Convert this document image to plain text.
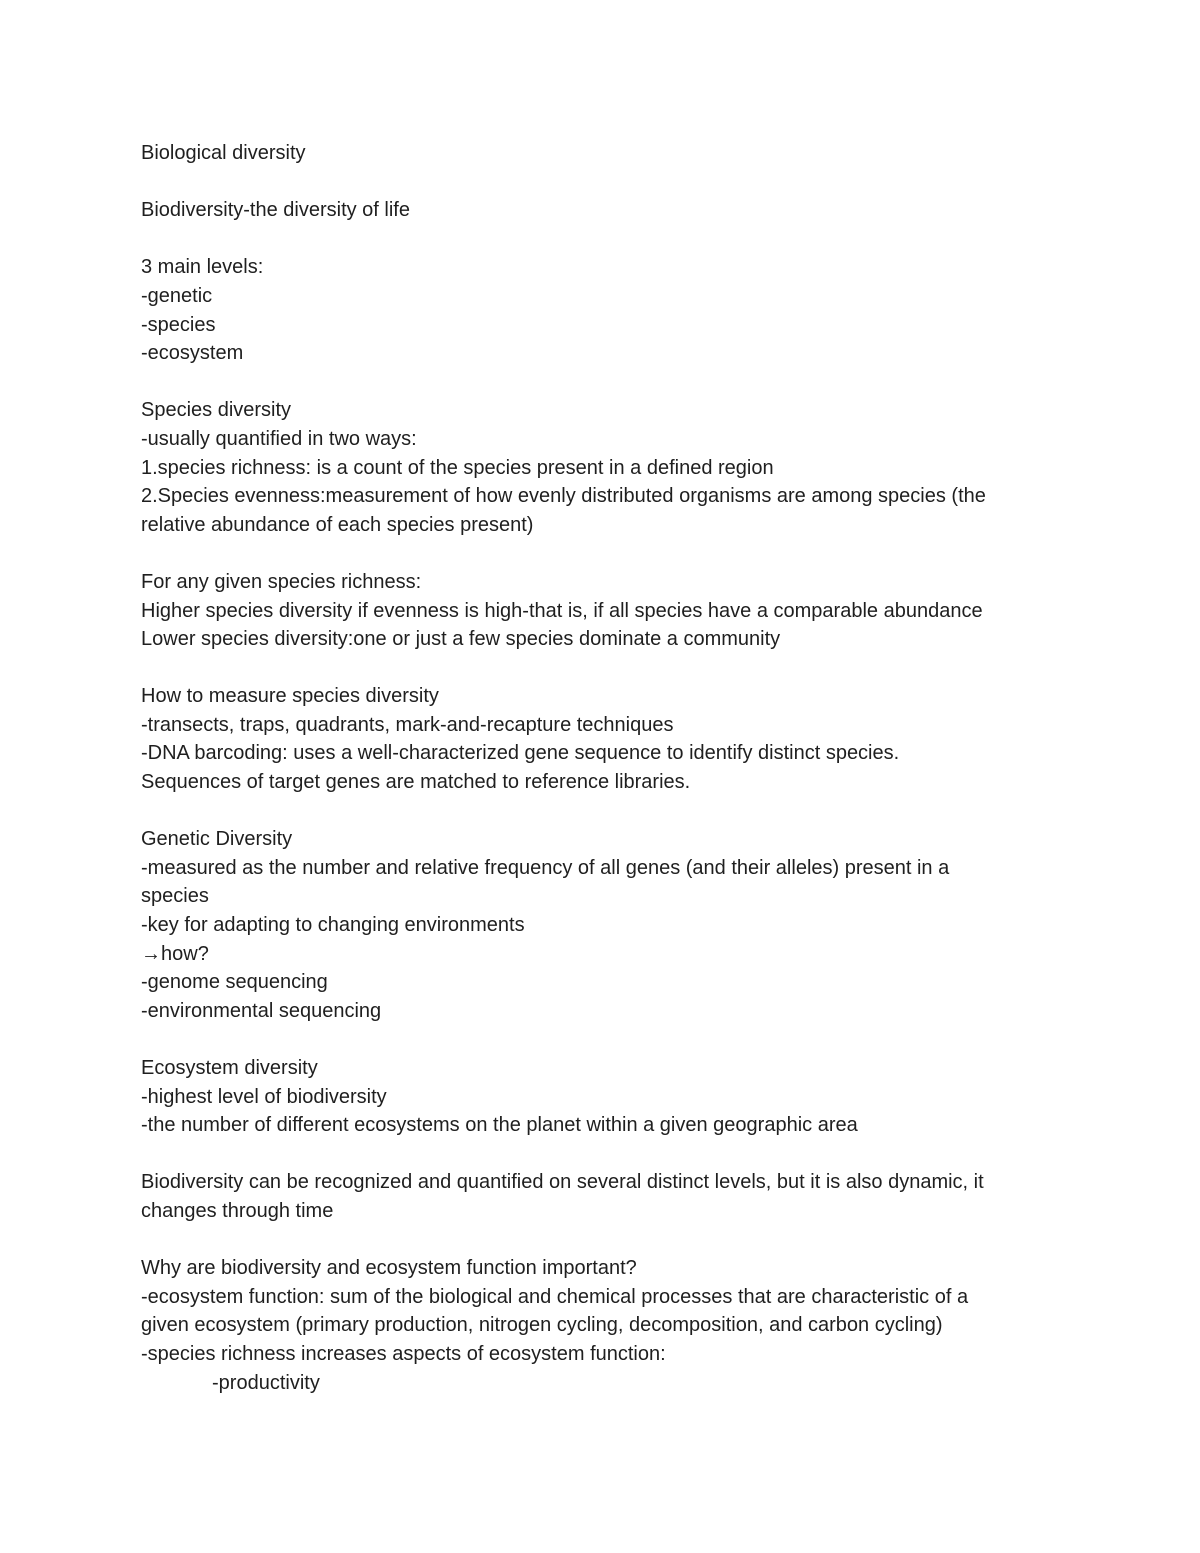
Biological diversity
Biodiversity-the diversity of life
3 main levels:
-genetic
-species
-ecosystem
Species diversity
-usually quantified in two ways:
1.species richness: is a count of the species present in a defined region
2.Species evenness:measurement of how evenly distributed organisms are among species (the
relative abundance of each species present)
For any given species richness:
Higher species diversity if evenness is high-that is, if all species have a comparable abundance
Lower species diversity:one or just a few species dominate a community
How to measure species diversity
-transects, traps, quadrants, mark-and-recapture techniques
-DNA barcoding: uses a well-characterized gene sequence to identify distinct species.
Sequences of target genes are matched to reference libraries.
Genetic Diversity
-measured as the number and relative frequency of all genes (and their alleles) present in a
species
-key for adapting to changing environments
→how?
-genome sequencing
-environmental sequencing
Ecosystem diversity
-highest level of biodiversity
-the number of different ecosystems on the planet within a given geographic area
Biodiversity can be recognized and quantified on several distinct levels, but it is also dynamic, it
changes through time
Why are biodiversity and ecosystem function important?
-ecosystem function: sum of the biological and chemical processes that are characteristic of a
given ecosystem (primary production, nitrogen cycling, decomposition, and carbon cycling)
-species richness increases aspects of ecosystem function:
-productivity
